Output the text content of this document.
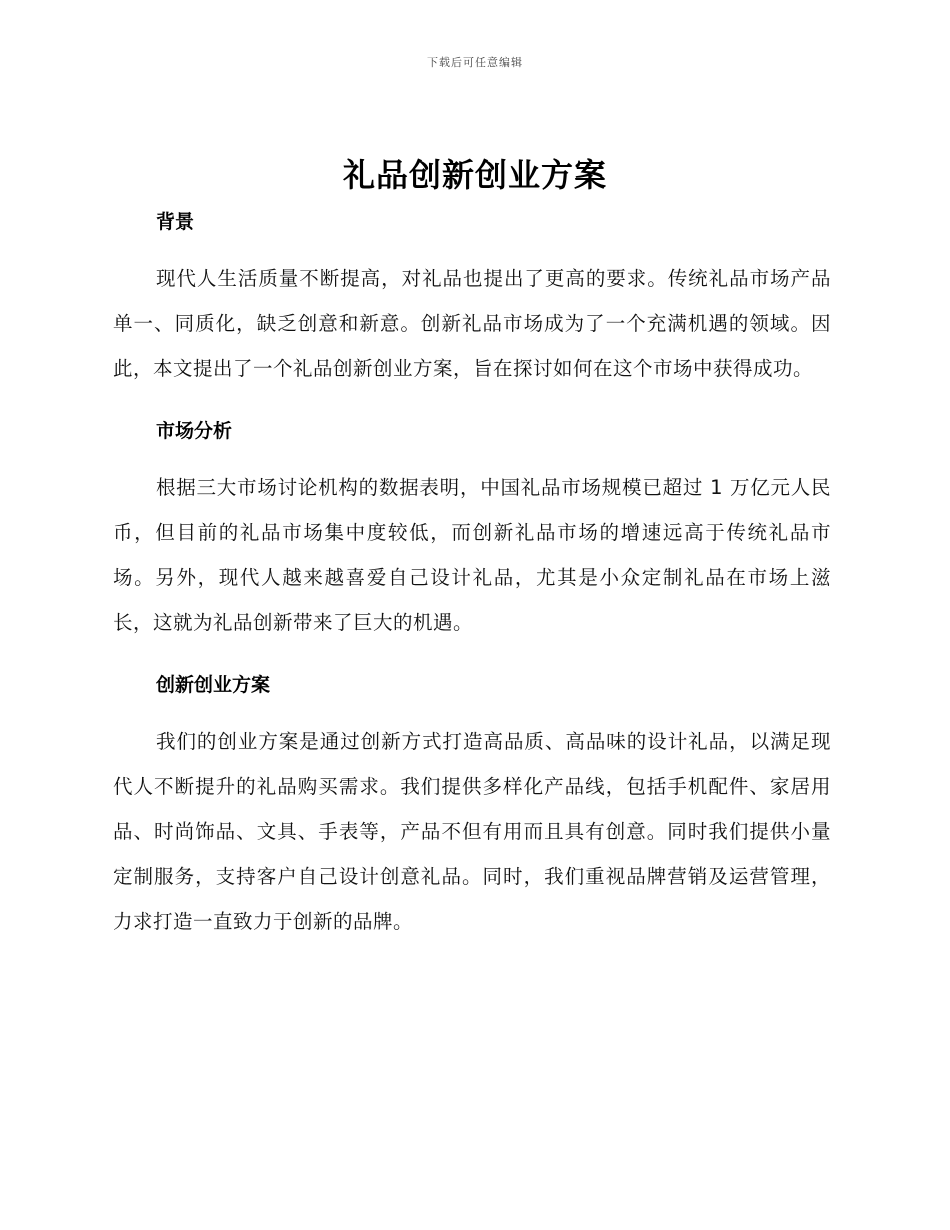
下载后可任意编辑
礼品创新创业方案
背景

现代人生活质量不断提高，对礼品也提出了更高的要求。传统礼品市场产品单一、同质化，缺乏创意和新意。创新礼品市场成为了一个充满机遇的领域。因此，本文提出了一个礼品创新创业方案，旨在探讨如何在这个市场中获得成功。

市场分析

根据三大市场讨论机构的数据表明，中国礼品市场规模已超过 1 万亿元人民币，但目前的礼品市场集中度较低，而创新礼品市场的增速远高于传统礼品市场。另外，现代人越来越喜爱自己设计礼品，尤其是小众定制礼品在市场上滋长，这就为礼品创新带来了巨大的机遇。

创新创业方案

我们的创业方案是通过创新方式打造高品质、高品味的设计礼品，以满足现代人不断提升的礼品购买需求。我们提供多样化产品线，包括手机配件、家居用品、时尚饰品、文具、手表等，产品不但有用而且具有创意。同时我们提供小量定制服务，支持客户自己设计创意礼品。同时，我们重视品牌营销及运营管理，力求打造一直致力于创新的品牌。
